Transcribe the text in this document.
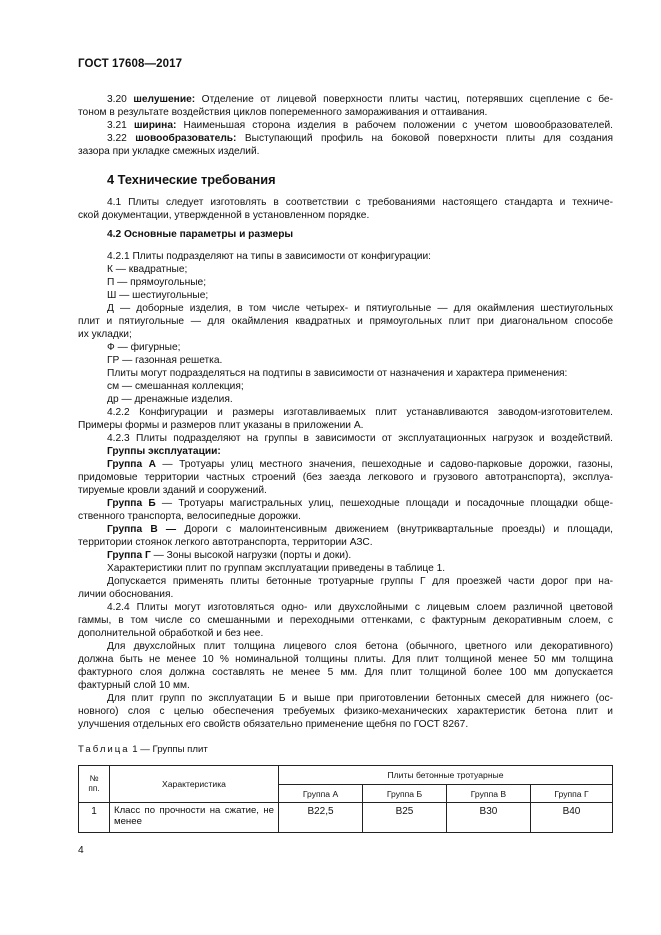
ГОСТ 17608—2017
3.20 шелушение: Отделение от лицевой поверхности плиты частиц, потерявших сцепление с бе-
тоном в результате воздействия циклов попеременного замораживания и оттаивания.
3.21 ширина: Наименьшая сторона изделия в рабочем положении с учетом шовообразователей.
3.22 шовообразователь: Выступающий профиль на боковой поверхности плиты для создания
зазора при укладке смежных изделий.
4 Технические требования
4.1 Плиты следует изготовлять в соответствии с требованиями настоящего стандарта и техниче-
ской документации, утвержденной в установленном порядке.
4.2 Основные параметры и размеры
4.2.1 Плиты подразделяют на типы в зависимости от конфигурации:
К — квадратные;
П — прямоугольные;
Ш — шестиугольные;
Д — доборные изделия, в том числе четырех- и пятиугольные — для окаймления шестиугольных
плит и пятиугольные — для окаймления квадратных и прямоугольных плит при диагональном способе
их укладки;
Ф — фигурные;
ГР — газонная решетка.
Плиты могут подразделяться на подтипы в зависимости от назначения и характера применения:
см — смешанная коллекция;
др — дренажные изделия.
4.2.2 Конфигурации и размеры изготавливаемых плит устанавливаются заводом-изготовителем.
Примеры формы и размеров плит указаны в приложении А.
4.2.3 Плиты подразделяют на группы в зависимости от эксплуатационных нагрузок и воздействий.
Группы эксплуатации:
Группа А — Тротуары улиц местного значения, пешеходные и садово-парковые дорожки, газоны,
придомовые территории частных строений (без заезда легкового и грузового автотранспорта), эксплуа-
тируемые кровли зданий и сооружений.
Группа Б — Тротуары магистральных улиц, пешеходные площади и посадочные площадки обще-
ственного транспорта, велосипедные дорожки.
Группа В — Дороги с малоинтенсивным движением (внутриквартальные проезды) и площади,
территории стоянок легкого автотранспорта, территории АЗС.
Группа Г — Зоны высокой нагрузки (порты и доки).
Характеристики плит по группам эксплуатации приведены в таблице 1.
Допускается применять плиты бетонные тротуарные группы Г для проезжей части дорог при на-
личии обоснования.
4.2.4 Плиты могут изготовляться одно- или двухслойными с лицевым слоем различной цветовой
гаммы, в том числе со смешанными и переходными оттенками, с фактурным декоративным слоем, с
дополнительной обработкой и без нее.
Для двухслойных плит толщина лицевого слоя бетона (обычного, цветного или декоративного)
должна быть не менее 10 % номинальной толщины плиты. Для плит толщиной менее 50 мм толщина
фактурного слоя должна составлять не менее 5 мм. Для плит толщиной более 100 мм допускается
фактурный слой 10 мм.
Для плит групп по эксплуатации Б и выше при приготовлении бетонных смесей для нижнего (ос-
новного) слоя с целью обеспечения требуемых физико-механических характеристик бетона плит и
улучшения отдельных его свойств обязательно применение щебня по ГОСТ 8267.
Таблица 1 — Группы плит
№ пп.	Характеристика	Плиты бетонные тротуарные			
		Группа А	Группа Б	Группа В	Группа Г
1	Класс по прочности на сжатие, не
менее	B22,5	B25	B30	B40
4
